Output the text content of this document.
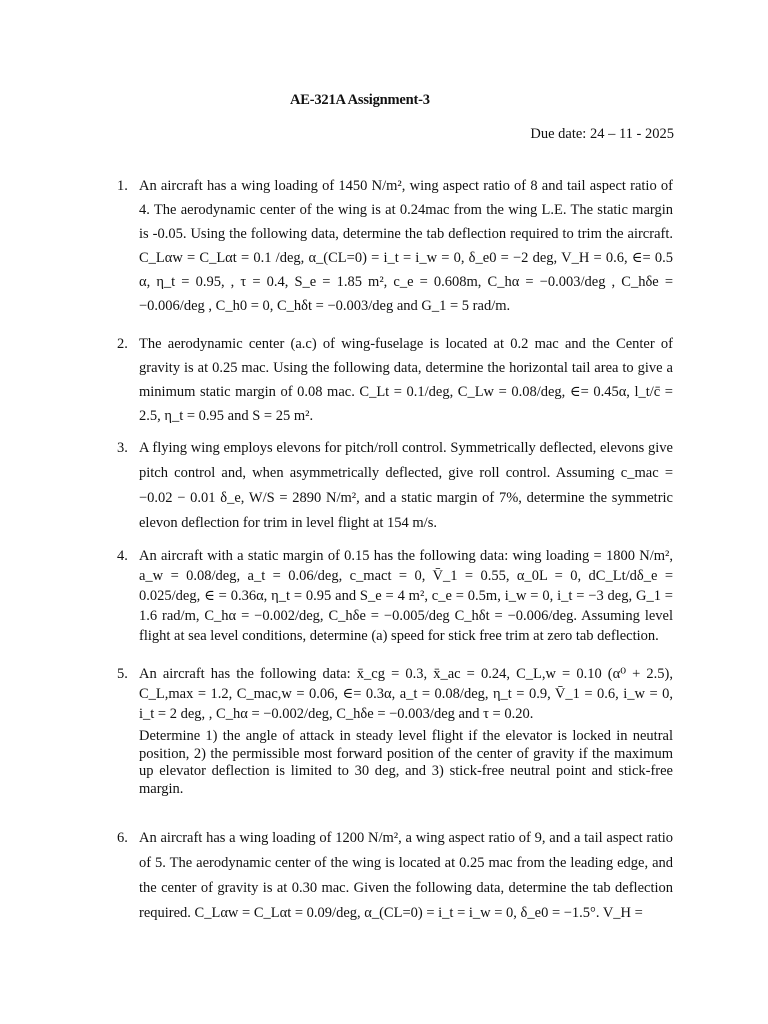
AE-321A Assignment-3
Due date: 24 – 11 - 2025
1. An aircraft has a wing loading of 1450 N/m², wing aspect ratio of 8 and tail aspect ratio of 4. The aerodynamic center of the wing is at 0.24mac from the wing L.E. The static margin is -0.05. Using the following data, determine the tab deflection required to trim the aircraft. C_Lαw = C_Lαt = 0.1 /deg, α_(CL=0) = i_t = i_w = 0, δ_e0 = −2 deg, V_H = 0.6, ∈= 0.5 α, η_t = 0.95, , τ = 0.4, S_e = 1.85 m², c_e = 0.608m, C_hα = −0.003/deg , C_hδe = −0.006/deg , C_h0 = 0, C_hδt = −0.003/deg and G_1 = 5 rad/m.
2. The aerodynamic center (a.c) of wing-fuselage is located at 0.2 mac and the Center of gravity is at 0.25 mac. Using the following data, determine the horizontal tail area to give a minimum static margin of 0.08 mac. C_Lt = 0.1/deg, C_Lw = 0.08/deg, ∈= 0.45α, l_t/c̄ = 2.5, η_t = 0.95 and S = 25 m².
3. A flying wing employs elevons for pitch/roll control. Symmetrically deflected, elevons give pitch control and, when asymmetrically deflected, give roll control. Assuming c_mac = −0.02 − 0.01 δ_e, W/S = 2890 N/m², and a static margin of 7%, determine the symmetric elevon deflection for trim in level flight at 154 m/s.
4. An aircraft with a static margin of 0.15 has the following data: wing loading = 1800 N/m², a_w = 0.08/deg, a_t = 0.06/deg, c_mact = 0, V̄_1 = 0.55, α_0L = 0, dC_Lt/dδ_e = 0.025/deg, ∈ = 0.36α, η_t = 0.95 and S_e = 4 m², c_e = 0.5m, i_w = 0, i_t = −3 deg, G_1 = 1.6 rad/m, C_hα = −0.002/deg, C_hδe = −0.005/deg C_hδt = −0.006/deg. Assuming level flight at sea level conditions, determine (a) speed for stick free trim at zero tab deflection.
5. An aircraft has the following data: x̄_cg = 0.3, x̄_ac = 0.24, C_L,w = 0.10 (α⁰ + 2.5), C_L,max = 1.2, C_mac,w = 0.06, ∈= 0.3α, a_t = 0.08/deg, η_t = 0.9, V̄_1 = 0.6, i_w = 0, i_t = 2 deg, , C_hα = −0.002/deg, C_hδe = −0.003/deg and τ = 0.20.
Determine 1) the angle of attack in steady level flight if the elevator is locked in neutral position, 2) the permissible most forward position of the center of gravity if the maximum up elevator deflection is limited to 30 deg, and 3) stick-free neutral point and stick-free margin.
6. An aircraft has a wing loading of 1200 N/m², a wing aspect ratio of 9, and a tail aspect ratio of 5. The aerodynamic center of the wing is located at 0.25 mac from the leading edge, and the center of gravity is at 0.30 mac. Given the following data, determine the tab deflection required. C_Lαw = C_Lαt = 0.09/deg, α_(CL=0) = i_t = i_w = 0, δ_e0 = −1.5°. V_H =
